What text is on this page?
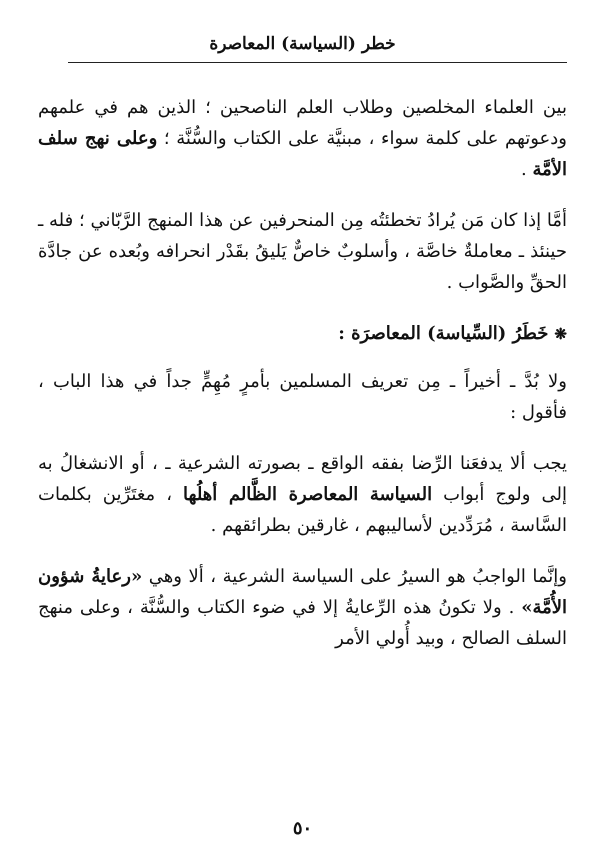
خطر (السياسة) المعاصرة

بين العلماء المخلصين وطلاب العلم الناصحين ؛ الذين هم في علمهم ودعوتهم على كلمة سواء ، مبنيَّة على الكتاب والسُّنَّة ؛ وعلى نهج سلف الأمَّة .

أمَّا إذا كان مَن يُرادُ تخطئتُه مِن المنحرفين عن هذا المنهج الرَّبّاني ؛ فله ـ حينئذ ـ معاملةٌ خاصَّة ، وأسلوبٌ خاصٌّ يَليقُ بقَدْر انحرافه وبُعده عن جادَّة الحقِّ والصَّواب .

❋خَطَرُ (السِّياسة) المعاصرَة :

ولا بُدَّ ـ أخيراً ـ مِن تعريف المسلمين بأمرٍ مُهِمٍّ جداً في هذا الباب ، فأقول :

يجب ألا يدفعَنا الرِّضا بفقه الواقع ـ بصورته الشرعية ـ ، أو الانشغالُ به إلى ولوج أبواب السياسة المعاصرة الظَّالم أهلُها ، مغتَرِّين بكلمات السَّاسة ، مُرَدِّدين لأساليبهم ، غارقين بطرائقهم .

وإنَّما الواجبُ هو السيرُ على السياسة الشرعية ، ألا وهي «رعايةُ شؤون الأُمَّة» . ولا تكونُ هذه الرِّعايةُ إلا في ضوء الكتاب والسُّنَّة ، وعلى منهج السلف الصالح ، وبيد أُولي الأمر

٥٠
